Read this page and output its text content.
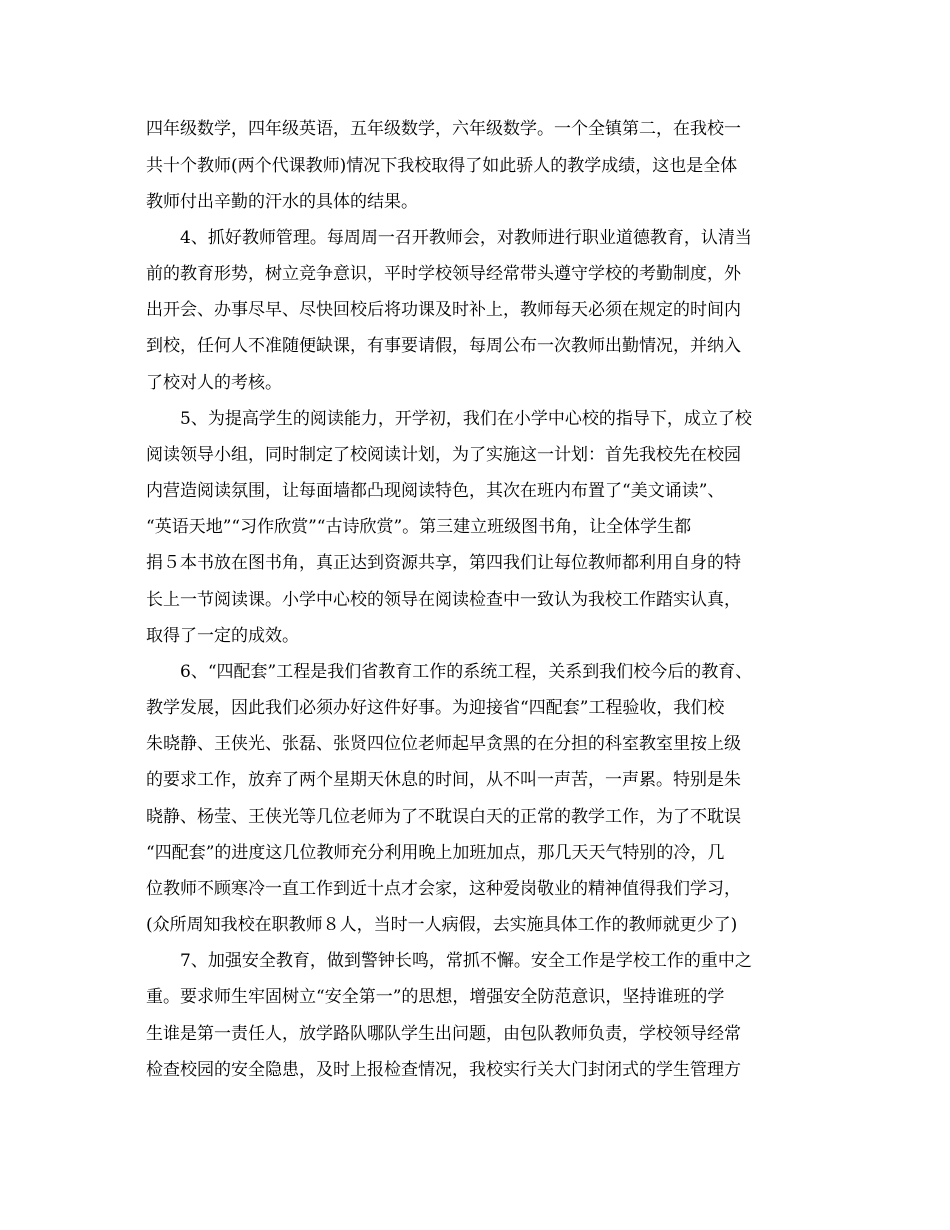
四年级数学，四年级英语，五年级数学，六年级数学。一个全镇第二，在我校一
共十个教师(两个代课教师)情况下我校取得了如此骄人的教学成绩，这也是全体
教师付出辛勤的汗水的具体的结果。
　　4、抓好教师管理。每周周一召开教师会，对教师进行职业道德教育，认清当
前的教育形势，树立竞争意识，平时学校领导经常带头遵守学校的考勤制度，外
出开会、办事尽早、尽快回校后将功课及时补上，教师每天必须在规定的时间内
到校，任何人不准随便缺课，有事要请假，每周公布一次教师出勤情况，并纳入
了校对人的考核。
　　5、为提高学生的阅读能力，开学初，我们在小学中心校的指导下，成立了校
阅读领导小组，同时制定了校阅读计划，为了实施这一计划：首先我校先在校园
内营造阅读氛围，让每面墙都凸现阅读特色，其次在班内布置了“美文诵读”、
“英语天地”“习作欣赏”“古诗欣赏”。第三建立班级图书角，让全体学生都
捐５本书放在图书角，真正达到资源共享，第四我们让每位教师都利用自身的特
长上一节阅读课。小学中心校的领导在阅读检查中一致认为我校工作踏实认真，
取得了一定的成效。
　　6、“四配套”工程是我们省教育工作的系统工程，关系到我们校今后的教育、
教学发展，因此我们必须办好这件好事。为迎接省“四配套”工程验收，我们校
朱晓静、王侠光、张磊、张贤四位位老师起早贪黑的在分担的科室教室里按上级
的要求工作，放弃了两个星期天休息的时间，从不叫一声苦，一声累。特别是朱
晓静、杨莹、王侠光等几位老师为了不耽误白天的正常的教学工作，为了不耽误
“四配套”的进度这几位教师充分利用晚上加班加点，那几天天气特别的冷，几
位教师不顾寒冷一直工作到近十点才会家，这种爱岗敬业的精神值得我们学习，
(众所周知我校在职教师８人，当时一人病假，去实施具体工作的教师就更少了)
　　7、加强安全教育，做到警钟长鸣，常抓不懈。安全工作是学校工作的重中之
重。要求师生牢固树立“安全第一”的思想，增强安全防范意识，坚持谁班的学
生谁是第一责任人，放学路队哪队学生出问题，由包队教师负责，学校领导经常
检查校园的安全隐患，及时上报检查情况，我校实行关大门封闭式的学生管理方
